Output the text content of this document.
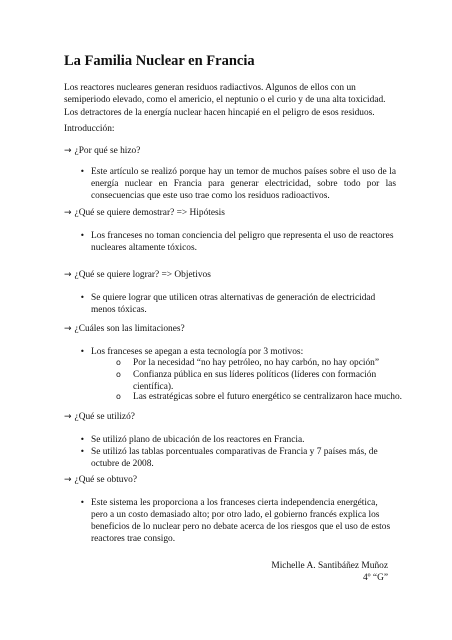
La Familia Nuclear en Francia
Los reactores nucleares generan residuos radiactivos. Algunos de ellos con un
semiperiodo elevado, como el americio, el neptunio o el curio y de una alta toxicidad.
Los detractores de la energía nuclear hacen hincapié en el peligro de esos residuos.
Introducción:
→ ¿Por qué se hizo?
• Este artículo se realizó porque hay un temor de muchos países sobre el uso de la
energía nuclear en Francia para generar electricidad, sobre todo por las
consecuencias que este uso trae como los residuos radioactivos.
→ ¿Qué se quiere demostrar? => Hipótesis
• Los franceses no toman conciencia del peligro que representa el uso de reactores
nucleares altamente tóxicos.
→ ¿Qué se quiere lograr? => Objetivos
• Se quiere lograr que utilicen otras alternativas de generación de electricidad
menos tóxicas.
→ ¿Cuáles son las limitaciones?
• Los franceses se apegan a esta tecnología por 3 motivos:
o Por la necesidad “no hay petróleo, no hay carbón, no hay opción”
o Confianza pública en sus líderes políticos (líderes con formación
científica).
o Las estratégicas sobre el futuro energético se centralizaron hace mucho.
→ ¿Qué se utilizó?
• Se utilizó plano de ubicación de los reactores en Francia.
• Se utilizó las tablas porcentuales comparativas de Francia y 7 países más, de
octubre de 2008.
→ ¿Qué se obtuvo?
• Este sistema les proporciona a los franceses cierta independencia energética,
pero a un costo demasiado alto; por otro lado, el gobierno francés explica los
beneficios de lo nuclear pero no debate acerca de los riesgos que el uso de estos
reactores trae consigo.
Michelle A. Santibáñez Muñoz
4º “G”
